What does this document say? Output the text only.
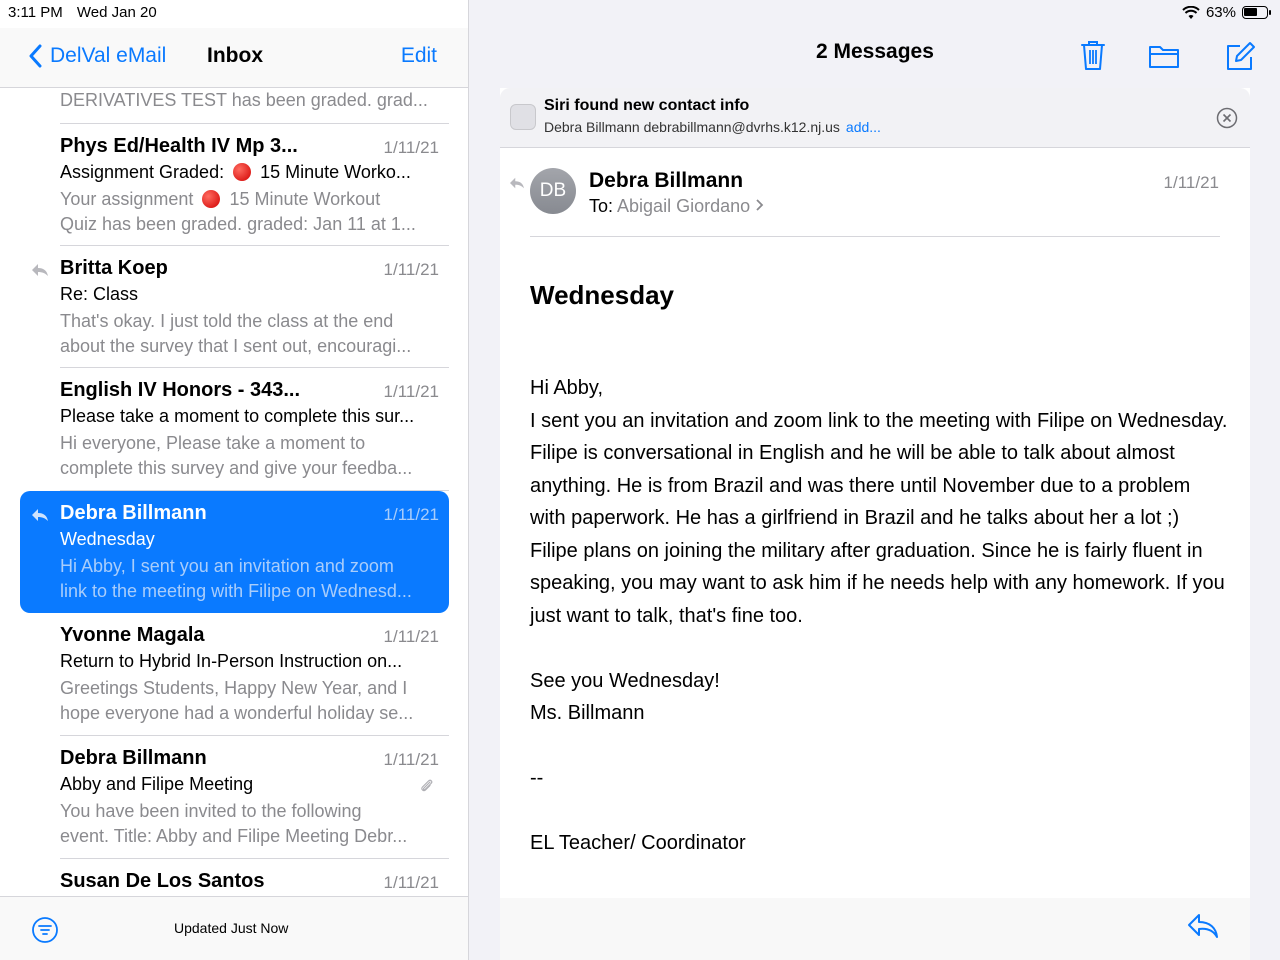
3:11 PM Wed Jan 20
DelVal eMail Inbox	Edit
DERIVATIVES TEST has been graded. grad...
Phys Ed/Health IV Mp 3...	1/11/21
Assignment Graded: 15 Minute Worko...
Your assignment 15 Minute Workout
Quiz has been graded. graded: Jan 11 at 1...
Britta Koep	1/11/21
Re: Class
That's okay. I just told the class at the end
about the survey that I sent out, encouragi...
English IV Honors - 343...	1/11/21
Please take a moment to complete this sur...
Hi everyone, Please take a moment to
complete this survey and give your feedba...
Debra Billmann	1/11/21
Wednesday
Hi Abby, I sent you an invitation and zoom
link to the meeting with Filipe on Wednesd...
Yvonne Magala	1/11/21
Return to Hybrid In-Person Instruction on...
Greetings Students, Happy New Year, and I
hope everyone had a wonderful holiday se...
Debra Billmann	1/11/21
Abby and Filipe Meeting
You have been invited to the following
event. Title: Abby and Filipe Meeting Debr...
Susan De Los Santos	1/11/21
Updated Just Now
63%
2 Messages
Siri found new contact info
Debra Billmann debrabillmann@dvrhs.k12.nj.us add...
DB	Debra Billmann
To: Abigail Giordano
1/11/21
Wednesday

Hi Abby,

I sent you an invitation and zoom link to the meeting with Filipe on Wednesday. Filipe is conversational in English and he will be able to talk about almost anything. He is from Brazil and was there until November due to a problem with paperwork. He has a girlfriend in Brazil and he talks about her a lot ;)

Filipe plans on joining the military after graduation. Since he is fairly fluent in speaking, you may want to ask him if he needs help with any homework. If you just want to talk, that's fine too.

See you Wednesday!

Ms. Billmann

--

EL Teacher/ Coordinator
